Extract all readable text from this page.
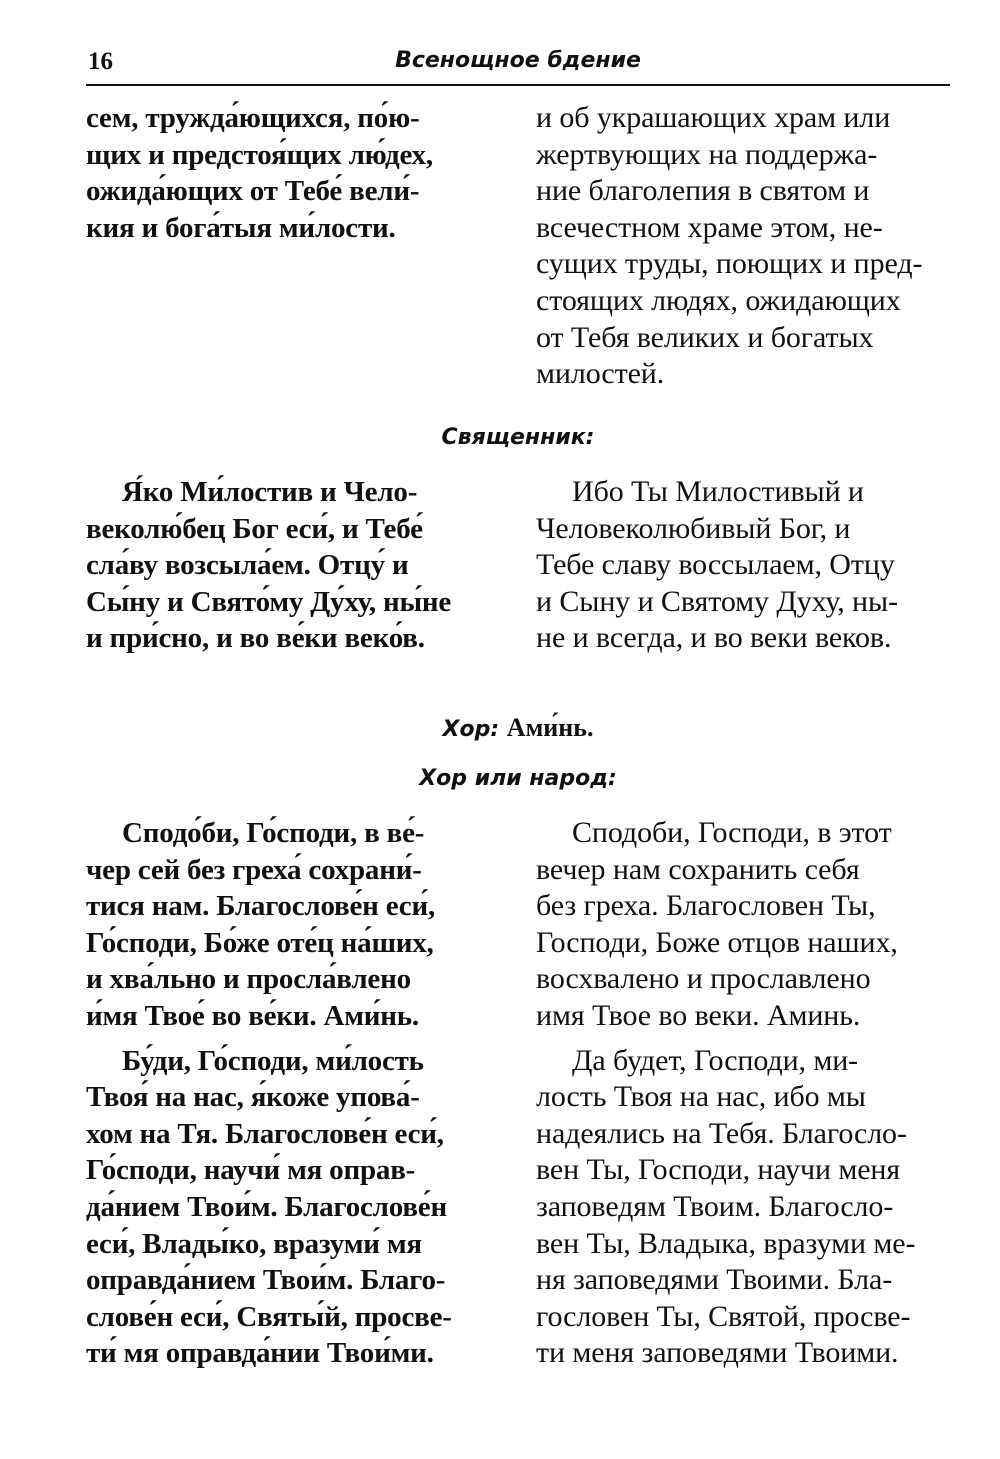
16	Всенощное бдение

сем, тружда́ющихся, по́ю-

щих и предстоя́щих лю́дех,

ожида́ющих от Тебе́ вели́-

кия и бога́тыя ми́лости.

и об украшающих храм или

жертвующих на поддержа-

ние благолепия в святом и

всечестном храме этом, не-

сущих труды, поющих и пред-

стоящих людях, ожидающих

от Тебя великих и богатых

милостей.

Священник:

Я́ко Ми́лостив и Чело-

веколю́бец Бог еси́, и Тебе́

сла́ву возсыла́ем. Отцу́ и

Сы́ну и Свято́му Ду́ху, ны́не

и при́сно, и во ве́ки веко́в.

Ибо Ты Милостивый и

Человеколюбивый Бог, и

Тебе славу воссылаем, Отцу

и Сыну и Святому Духу, ны-

не и всегда, и во веки веков.

Хор: Ами́нь.
Хор или народ:

Сподо́би, Го́споди, в ве́-

чер сей без греха́ сохрани́-

тися нам. Благослове́н еси́,

Го́споди, Бо́же оте́ц на́ших,

и хва́льно и просла́влено

и́мя Твое́ во ве́ки. Ами́нь.

Бу́ди, Го́споди, ми́лость

Твоя́ на нас, я́коже упова́-

хом на Тя. Благослове́н еси́,

Го́споди, научи́ мя оправ-

да́нием Твои́м. Благослове́н

еси́, Влады́ко, вразуми́ мя

оправда́нием Твои́м. Благо-

слове́н еси́, Святы́й, просве-

ти́ мя оправда́нии Твои́ми.

Сподоби, Господи, в этот

вечер нам сохранить себя

без греха. Благословен Ты,

Господи, Боже отцов наших,

восхвалено и прославлено

имя Твое во веки. Аминь.

Да будет, Господи, ми-

лость Твоя на нас, ибо мы

надеялись на Тебя. Благосло-

вен Ты, Господи, научи меня

заповедям Твоим. Благосло-

вен Ты, Владыка, вразуми ме-

ня заповедями Твоими. Бла-

гословен Ты, Святой, просве-

ти меня заповедями Твоими.
